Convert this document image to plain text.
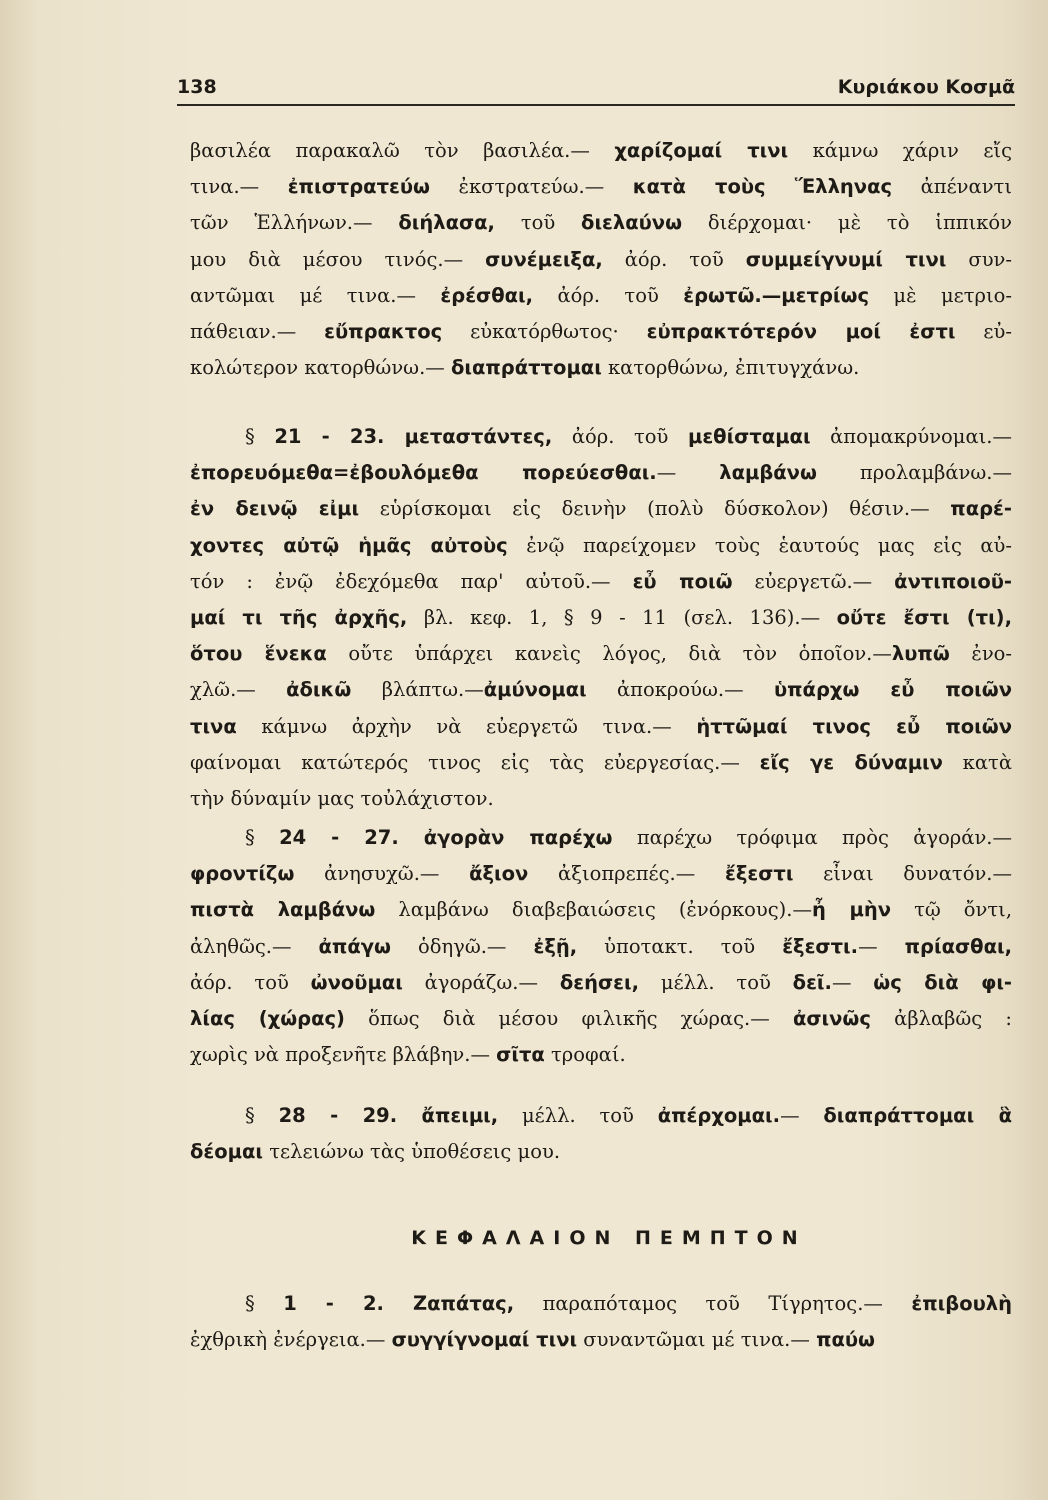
138	Κυριάκου Κοσμᾶ
βασιλέα παρακαλῶ τὸν βασιλέα.— χαρίζομαί τινι κάμνω χάριν εἴς
τινα.— ἐπιστρατεύω ἐκστρατεύω.— κατὰ τοὺς Ἕλληνας ἀπέναντι
τῶν Ἑλλήνων.— διήλασα, τοῦ διελαύνω διέρχομαι· μὲ τὸ ἱππικόν
μου διὰ μέσου τινός.— συνέμειξα, ἀόρ. τοῦ συμμείγνυμί τινι συν-
αντῶμαι μέ τινα.— ἐρέσθαι, ἀόρ. τοῦ ἐρωτῶ.—μετρίως μὲ μετριο-
πάθειαν.— εὔπρακτος εὐκατόρθωτος· εὐπρακτότερόν μοί ἐστι εὐ-
κολώτερον κατορθώνω.— διαπράττομαι κατορθώνω, ἐπιτυγχάνω.
§ 21 - 23. μεταστάντες, ἀόρ. τοῦ μεθίσταμαι ἀπομακρύνομαι.—
ἐπορευόμεθα=ἐβουλόμεθα πορεύεσθαι.— λαμβάνω προλαμβάνω.—
ἐν δεινῷ εἰμι εὑρίσκομαι εἰς δεινὴν (πολὺ δύσκολον) θέσιν.— παρέ-
χοντες αὐτῷ ἡμᾶς αὐτοὺς ἐνῷ παρείχομεν τοὺς ἑαυτούς μας εἰς αὐ-
τόν : ἐνῷ ἐδεχόμεθα παρ' αὐτοῦ.— εὖ ποιῶ εὐεργετῶ.— ἀντιποιοῦ-
μαί τι τῆς ἀρχῆς, βλ. κεφ. 1, § 9 - 11 (σελ. 136).— οὔτε ἔστι (τι),
ὅτου ἕνεκα οὔτε ὑπάρχει κανεὶς λόγος, διὰ τὸν ὁποῖον.—λυπῶ ἐνο-
χλῶ.— ἀδικῶ βλάπτω.—ἀμύνομαι ἀποκρούω.— ὑπάρχω εὖ ποιῶν
τινα κάμνω ἀρχὴν νὰ εὐεργετῶ τινα.— ἡττῶμαί τινος εὖ ποιῶν
φαίνομαι κατώτερός τινος εἰς τὰς εὐεργεσίας.— εἴς γε δύναμιν κατὰ
τὴν δύναμίν μας τοὐλάχιστον.
§ 24 - 27. ἀγορὰν παρέχω παρέχω τρόφιμα πρὸς ἀγοράν.—
φροντίζω ἀνησυχῶ.— ἄξιον ἀξιοπρεπές.— ἔξεστι εἶναι δυνατόν.—
πιστὰ λαμβάνω λαμβάνω διαβεβαιώσεις (ἐνόρκους).—ἦ μὴν τῷ ὄντι,
ἀληθῶς.— ἀπάγω ὁδηγῶ.— ἐξῇ, ὑποτακτ. τοῦ ἔξεστι.— πρίασθαι,
ἀόρ. τοῦ ὠνοῦμαι ἀγοράζω.— δεήσει, μέλλ. τοῦ δεῖ.— ὡς διὰ φι-
λίας (χώρας) ὅπως διὰ μέσου φιλικῆς χώρας.— ἀσινῶς ἀβλαβῶς :
χωρὶς νὰ προξενῆτε βλάβην.— σῖτα τροφαί.
§ 28 - 29. ἄπειμι, μέλλ. τοῦ ἀπέρχομαι.— διαπράττομαι ἃ
δέομαι τελειώνω τὰς ὑποθέσεις μου.
ΚΕΦΑΛΑΙΟΝ ΠΕΜΠΤΟΝ
§ 1 - 2. Ζαπάτας, παραπόταμος τοῦ Τίγρητος.— ἐπιβουλὴ
ἐχθρικὴ ἐνέργεια.— συγγίγνομαί τινι συναντῶμαι μέ τινα.— παύω
